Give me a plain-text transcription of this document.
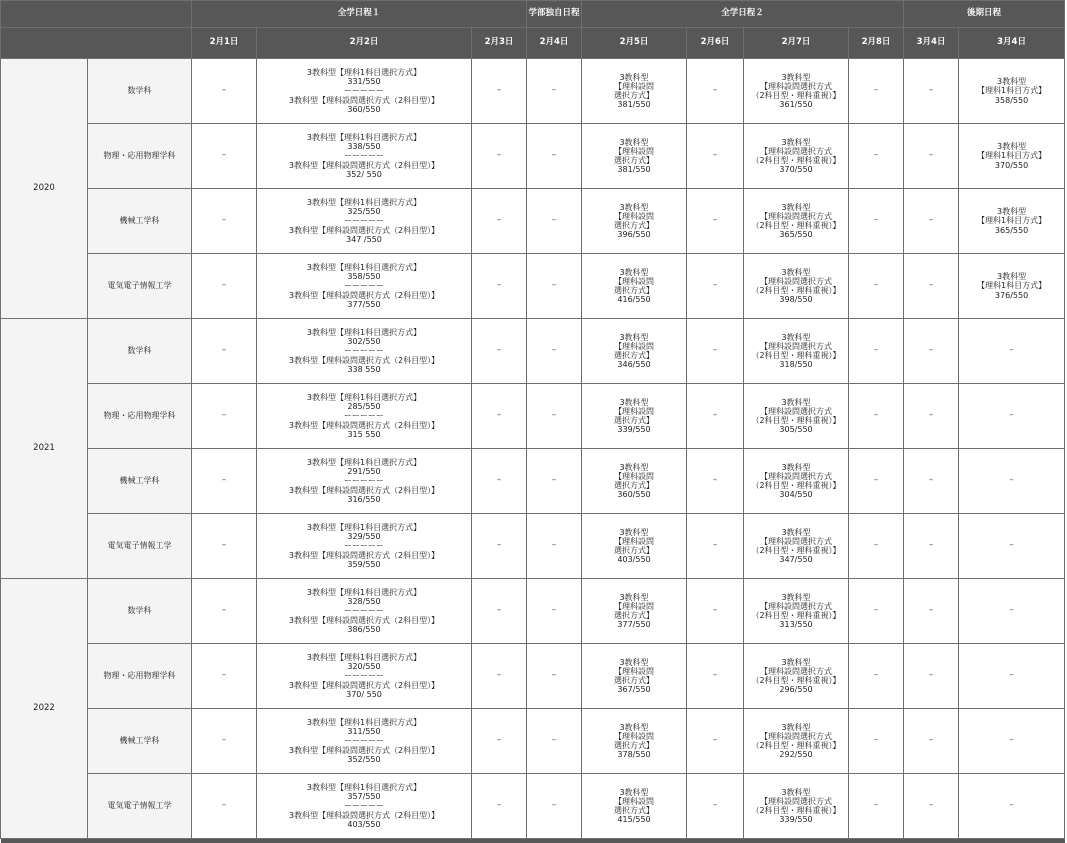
		全学日程１			学部独自日程	全学日程２				後期日程	
		2月1日	2月2日	2月3日	2月4日	2月5日	2月6日	2月7日	2月8日	3月4日	3月4日
2020	数学科	–	3教科型【理科1科目選択方式】
331/550
ーーーーー
3教科型【理科設問選択方式（2科目型）】
360/550	–	–	3教科型
【理科設問
選択方式】
381/550	–	3教科型
【理科設問選択方式
（2科目型・理科重視）】
361/550	–	–	3教科型
【理科1科目方式】
358/550

	物理・応用物理学科	–	3教科型【理科1科目選択方式】
338/550
ーーーーー
3教科型【理科設問選択方式（2科目型）】
352/ 550	–	–	3教科型
【理科設問
選択方式】
381/550	–	3教科型
【理科設問選択方式
（2科目型・理科重視）】
370/550	–	–	3教科型
【理科1科目方式】
370/550

	機械工学科	–	3教科型【理科1科目選択方式】
325/550
ーーーーー
3教科型【理科設問選択方式（2科目型）】
347 /550	–	–	3教科型
【理科設問
選択方式】
396/550	–	3教科型
【理科設問選択方式
（2科目型・理科重視）】
365/550	–	–	3教科型
【理科1科目方式】
365/550

	電気電子情報工学	–	3教科型【理科1科目選択方式】
358/550
ーーーーー
3教科型【理科設問選択方式（2科目型）】
377/550	–	–	3教科型
【理科設問
選択方式】
416/550	–	3教科型
【理科設問選択方式
（2科目型・理科重視）】
398/550	–	–	3教科型
【理科1科目方式】
376/550

2021	数学科	–	3教科型【理科1科目選択方式】
302/550
ーーーーー
3教科型【理科設問選択方式（2科目型）】
338 550	–	–	3教科型
【理科設問
選択方式】
346/550	–	3教科型
【理科設問選択方式
（2科目型・理科重視）】
318/550	–	–	–
	物理・応用物理学科	–	3教科型【理科1科目選択方式】
285/550
ーーーーー
3教科型【理科設問選択方式（2科目型）】
315 550	–	–	3教科型
【理科設問
選択方式】
339/550	–	3教科型
【理科設問選択方式
（2科目型・理科重視）】
305/550	–	–	–
	機械工学科	–	3教科型【理科1科目選択方式】
291/550
ーーーーー
3教科型【理科設問選択方式（2科目型）】
316/550	–	–	3教科型
【理科設問
選択方式】
360/550	–	3教科型
【理科設問選択方式
（2科目型・理科重視）】
304/550	–	–	–
	電気電子情報工学	–	3教科型【理科1科目選択方式】
329/550
ーーーーー
3教科型【理科設問選択方式（2科目型）】
359/550	–	–	3教科型
【理科設問
選択方式】
403/550	–	3教科型
【理科設問選択方式
（2科目型・理科重視）】
347/550	–	–	–
2022	数学科	–	3教科型【理科1科目選択方式】
328/550
ーーーーー
3教科型【理科設問選択方式（2科目型）】
386/550	–	–	3教科型
【理科設問
選択方式】
377/550	–	3教科型
【理科設問選択方式
（2科目型・理科重視）】
313/550	–	–	–
	物理・応用物理学科	–	3教科型【理科1科目選択方式】
320/550
ーーーーー
3教科型【理科設問選択方式（2科目型）】
370/ 550	–	–	3教科型
【理科設問
選択方式】
367/550	–	3教科型
【理科設問選択方式
（2科目型・理科重視）】
296/550	–	–	–
	機械工学科	–	3教科型【理科1科目選択方式】
311/550
ーーーーー
3教科型【理科設問選択方式（2科目型）】
352/550	–	–	3教科型
【理科設問
選択方式】
378/550	–	3教科型
【理科設問選択方式
（2科目型・理科重視）】
292/550	–	–	–
	電気電子情報工学	–	3教科型【理科1科目選択方式】
357/550
ーーーーー
3教科型【理科設問選択方式（2科目型）】
403/550	–	–	3教科型
【理科設問
選択方式】
415/550	–	3教科型
【理科設問選択方式
（2科目型・理科重視）】
339/550	–	–	–
